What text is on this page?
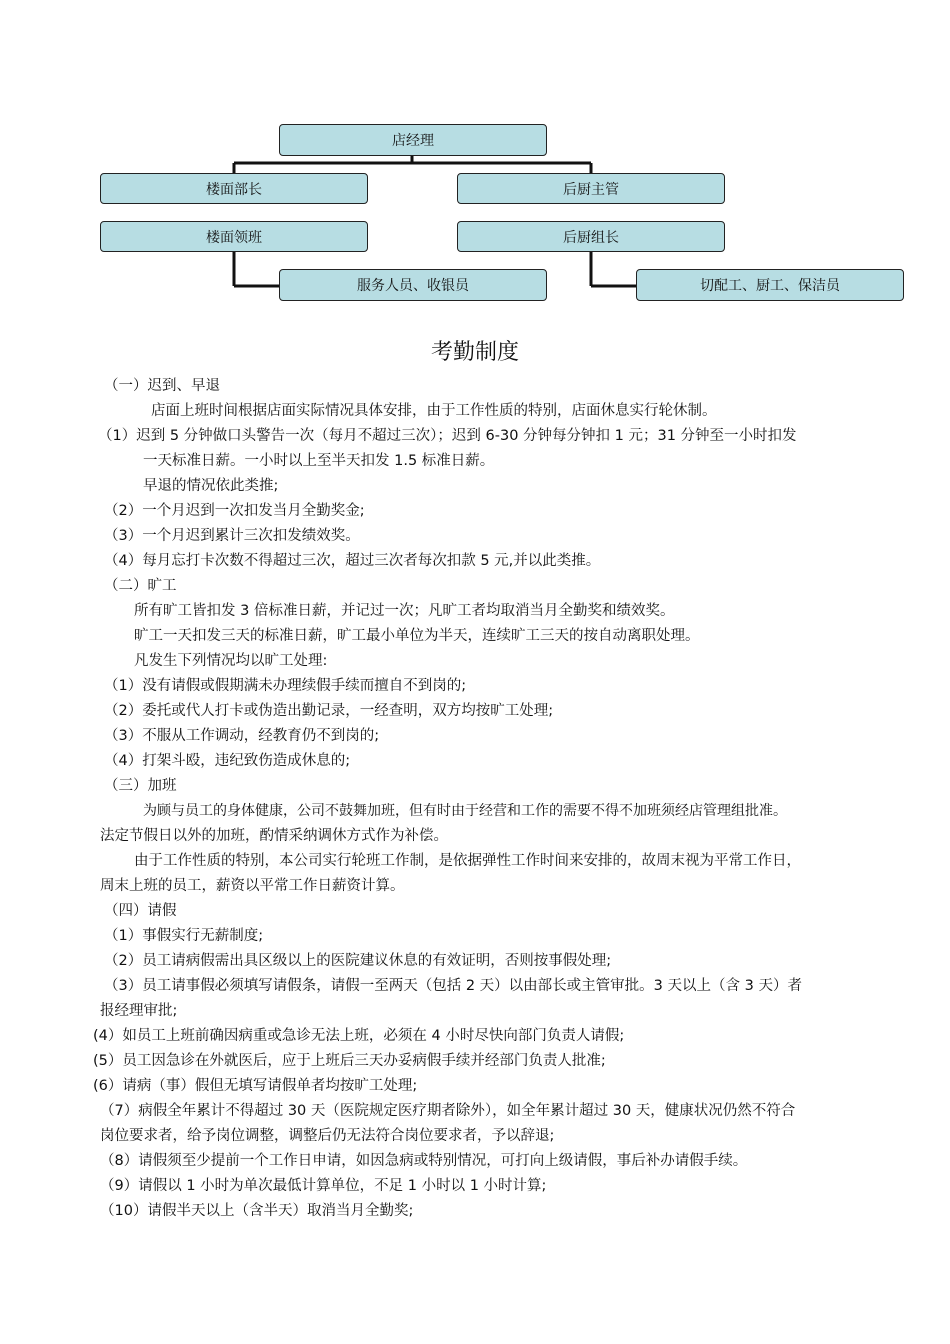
店经理
楼面部长	后厨主管
楼面领班	后厨组长
服务人员、收银员	切配工、厨工、保洁员
考勤制度
（一）迟到、早退
店面上班时间根据店面实际情况具体安排，由于工作性质的特别，店面休息实行轮休制。
（1）迟到 5 分钟做口头警告一次（每月不超过三次）；迟到 6-30 分钟每分钟扣 1 元；31 分钟至一小时扣发
一天标准日薪。一小时以上至半天扣发 1.5 标准日薪。
早退的情况依此类推;
（2）一个月迟到一次扣发当月全勤奖金;
（3）一个月迟到累计三次扣发绩效奖。
（4）每月忘打卡次数不得超过三次，超过三次者每次扣款 5 元,并以此类推。
（二）旷工
所有旷工皆扣发 3 倍标准日薪，并记过一次；凡旷工者均取消当月全勤奖和绩效奖。
旷工一天扣发三天的标准日薪，旷工最小单位为半天，连续旷工三天的按自动离职处理。
凡发生下列情况均以旷工处理:
（1）没有请假或假期满未办理续假手续而擅自不到岗的;
（2）委托或代人打卡或伪造出勤记录，一经查明，双方均按旷工处理;
（3）不服从工作调动，经教育仍不到岗的;
（4）打架斗殴，违纪致伤造成休息的;
（三）加班
为顾与员工的身体健康，公司不鼓舞加班，但有时由于经营和工作的需要不得不加班须经店管理组批准。
法定节假日以外的加班，酌情采纳调休方式作为补偿。
由于工作性质的特别，本公司实行轮班工作制，是依据弹性工作时间来安排的，故周末视为平常工作日，
周末上班的员工，薪资以平常工作日薪资计算。
（四）请假
（1）事假实行无薪制度;
（2）员工请病假需出具区级以上的医院建议休息的有效证明，否则按事假处理;
（3）员工请事假必须填写请假条，请假一至两天（包括 2 天）以由部长或主管审批。3 天以上（含 3 天）者
报经理审批;
(4）如员工上班前确因病重或急诊无法上班，必须在 4 小时尽快向部门负责人请假;
(5）员工因急诊在外就医后，应于上班后三天办妥病假手续并经部门负责人批准;
(6）请病（事）假但无填写请假单者均按旷工处理;
（7）病假全年累计不得超过 30 天（医院规定医疗期者除外），如全年累计超过 30 天，健康状况仍然不符合
岗位要求者，给予岗位调整，调整后仍无法符合岗位要求者，予以辞退;
（8）请假须至少提前一个工作日申请，如因急病或特别情况，可打向上级请假，事后补办请假手续。
（9）请假以 1 小时为单次最低计算单位，不足 1 小时以 1 小时计算;
（10）请假半天以上（含半天）取消当月全勤奖;
